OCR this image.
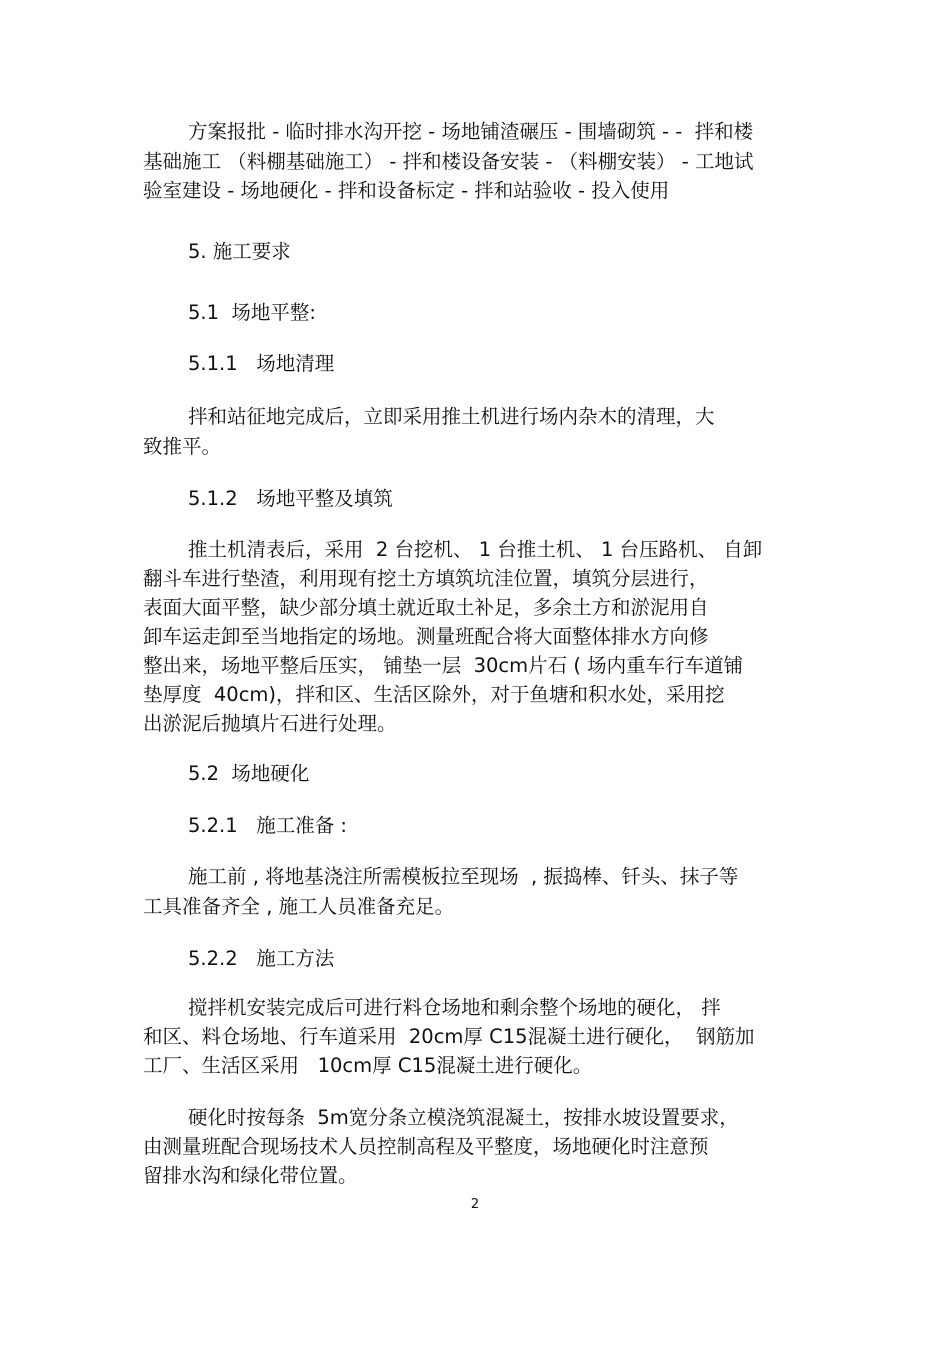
方案报批 - 临时排水沟开挖 - 场地铺渣碾压 - 围墙砌筑 - -  拌和楼
基础施工 （料棚基础施工） - 拌和楼设备安装 - （料棚安装） - 工地试
验室建设 - 场地硬化 - 拌和设备标定 - 拌和站验收 - 投入使用
5. 施工要求
5.1  场地平整:
5.1.1   场地清理
拌和站征地完成后，立即采用推土机进行场内杂木的清理，大
致推平。
5.1.2   场地平整及填筑
推土机清表后，采用  2 台挖机、 1 台推土机、 1 台压路机、 自卸
翻斗车进行垫渣，利用现有挖土方填筑坑洼位置，填筑分层进行，
表面大面平整，缺少部分填土就近取土补足，多余土方和淤泥用自
卸车运走卸至当地指定的场地。测量班配合将大面整体排水方向修
整出来，场地平整后压实， 铺垫一层  30cm片石 ( 场内重车行车道铺
垫厚度  40cm)，拌和区、生活区除外，对于鱼塘和积水处，采用挖
出淤泥后抛填片石进行处理。
5.2  场地硬化
5.2.1   施工准备 :
施工前 , 将地基浇注所需模板拉至现场  , 振捣棒、钎头、抹子等
工具准备齐全 , 施工人员准备充足。
5.2.2   施工方法
搅拌机安装完成后可进行料仓场地和剩余整个场地的硬化， 拌
和区、料仓场地、行车道采用  20cm厚 C15混凝土进行硬化，  钢筋加
工厂、生活区采用   10cm厚 C15混凝土进行硬化。
硬化时按每条  5m宽分条立模浇筑混凝土，按排水坡设置要求，
由测量班配合现场技术人员控制高程及平整度，场地硬化时注意预
留排水沟和绿化带位置。
2
